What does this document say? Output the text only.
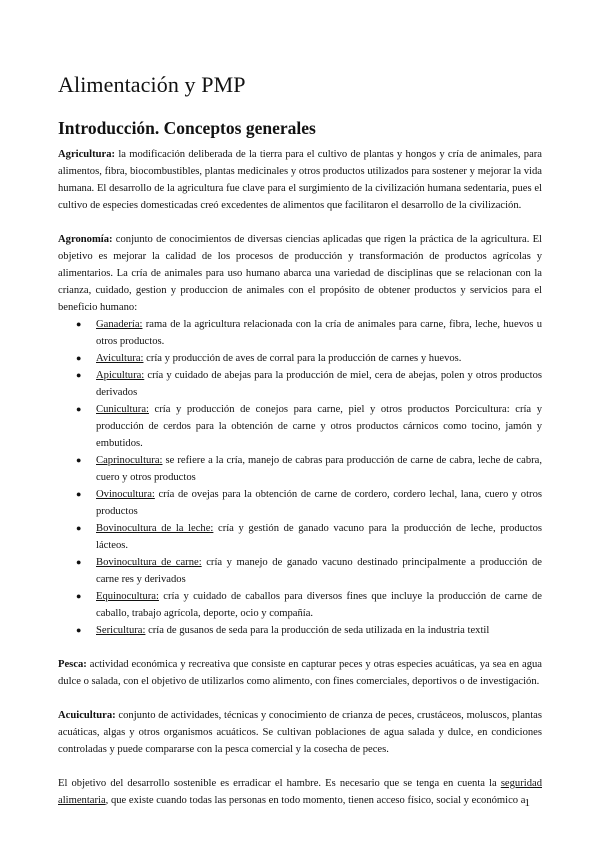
Alimentación y PMP
Introducción. Conceptos generales

Agricultura: la modificación deliberada de la tierra para el cultivo de plantas y hongos y cría de animales, para alimentos, fibra, biocombustibles, plantas medicinales y otros productos utilizados para sostener y mejorar la vida humana. El desarrollo de la agricultura fue clave para el surgimiento de la civilización humana sedentaria, pues el cultivo de especies domesticadas creó excedentes de alimentos que facilitaron el desarrollo de la civilización.

Agronomía: conjunto de conocimientos de diversas ciencias aplicadas que rigen la práctica de la agricultura. El objetivo es mejorar la calidad de los procesos de producción y transformación de productos agrícolas y alimentarios. La cría de animales para uso humano abarca una variedad de disciplinas que se relacionan con la crianza, cuidado, gestion y produccion de animales con el propósito de obtener productos y servicios para el beneficio humano:

● Ganadería: rama de la agricultura relacionada con la cría de animales para carne, fibra, leche, huevos u otros productos.
● Avicultura: cría y producción de aves de corral para la producción de carnes y huevos.
● Apicultura: cría y cuidado de abejas para la producción de miel, cera de abejas, polen y otros productos derivados
● Cunicultura: cría y producción de conejos para carne, piel y otros productos Porcicultura: cría y producción de cerdos para la obtención de carne y otros productos cárnicos como tocino, jamón y embutidos.
● Caprinocultura: se refiere a la cría, manejo de cabras para producción de carne de cabra, leche de cabra, cuero y otros productos
● Ovinocultura: cría de ovejas para la obtención de carne de cordero, cordero lechal, lana, cuero y otros productos
● Bovinocultura de la leche: cría y gestión de ganado vacuno para la producción de leche, productos lácteos.
● Bovinocultura de carne: cría y manejo de ganado vacuno destinado principalmente a producción de carne res y derivados
● Equinocultura: cría y cuidado de caballos para diversos fines que incluye la producción de carne de caballo, trabajo agrícola, deporte, ocio y compañía.
● Sericultura: cría de gusanos de seda para la producción de seda utilizada en la industria textil

Pesca: actividad económica y recreativa que consiste en capturar peces y otras especies acuáticas, ya sea en agua dulce o salada, con el objetivo de utilizarlos como alimento, con fines comerciales, deportivos o de investigación.

Acuicultura: conjunto de actividades, técnicas y conocimiento de crianza de peces, crustáceos, moluscos, plantas acuáticas, algas y otros organismos acuáticos. Se cultivan poblaciones de agua salada y dulce, en condiciones controladas y puede compararse con la pesca comercial y la cosecha de peces.

El objetivo del desarrollo sostenible es erradicar el hambre. Es necesario que se tenga en cuenta la seguridad alimentaria, que existe cuando todas las personas en todo momento, tienen acceso físico, social y económico a 1
